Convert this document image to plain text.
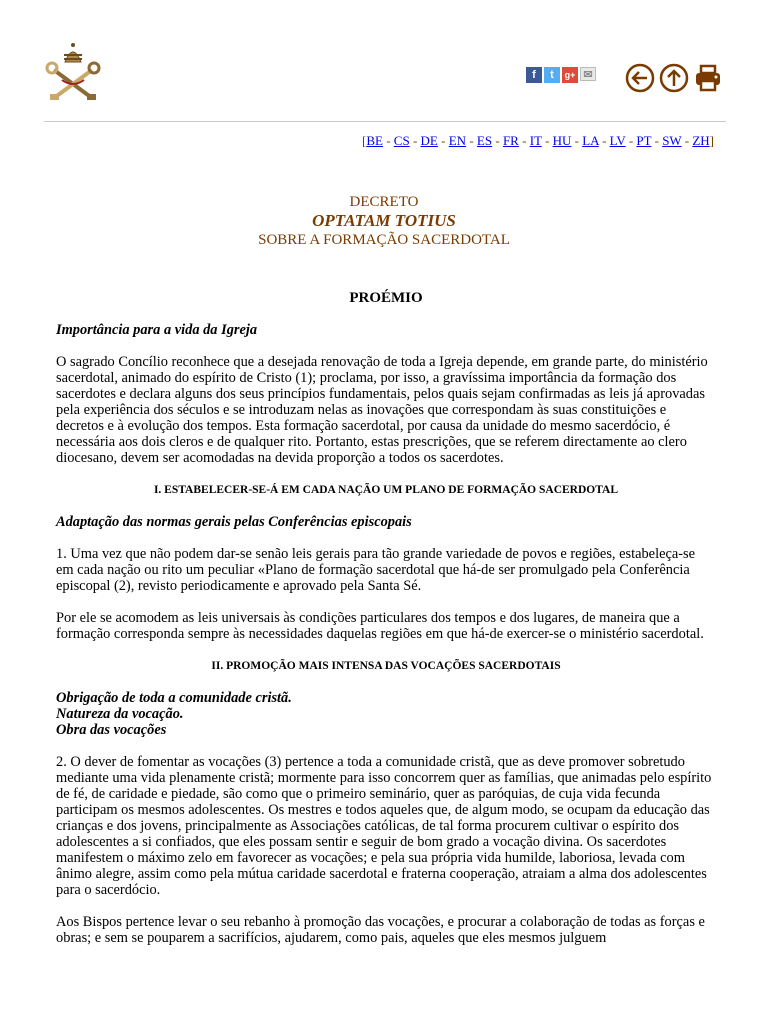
f	t	g+ ✉
[BE - CS - DE - EN - ES - FR - IT - HU - LA - LV - PT - SW - ZH]
DECRETO
OPTATAM TOTIUS
SOBRE A FORMAÇÃO SACERDOTAL
PROÉMIO

Importância para a vida da Igreja

O sagrado Concílio reconhece que a desejada renovação de toda a Igreja depende, em grande parte, do ministério sacerdotal, animado do espírito de Cristo (1); proclama, por isso, a gravíssima importância da formação dos sacerdotes e declara alguns dos seus princípios fundamentais, pelos quais sejam confirmadas as leis já aprovadas pela experiência dos séculos e se introduzam nelas as inovações que correspondam às suas constituições e decretos e à evolução dos tempos. Esta formação sacerdotal, por causa da unidade do mesmo sacerdócio, é necessária aos dois cleros e de qualquer rito. Portanto, estas prescrições, que se referem directamente ao clero diocesano, devem ser acomodadas na devida proporção a todos os sacerdotes.

I. ESTABELECER-SE-Á EM CADA NAÇÃO UM PLANO DE FORMAÇÃO SACERDOTAL

Adaptação das normas gerais pelas Conferências episcopais

1. Uma vez que não podem dar-se senão leis gerais para tão grande variedade de povos e regiões, estabeleça-se em cada nação ou rito um peculiar «Plano de formação sacerdotal que há-de ser promulgado pela Conferência episcopal (2), revisto periodicamente e aprovado pela Santa Sé.

Por ele se acomodem as leis universais às condições particulares dos tempos e dos lugares, de maneira que a formação corresponda sempre às necessidades daquelas regiões em que há-de exercer-se o ministério sacerdotal.

II. PROMOÇÃO MAIS INTENSA DAS VOCAÇÕES SACERDOTAIS

Obrigação de toda a comunidade cristã.
Natureza da vocação.
Obra das vocações

2. O dever de fomentar as vocações (3) pertence a toda a comunidade cristã, que as deve promover sobretudo mediante uma vida plenamente cristã; mormente para isso concorrem quer as famílias, que animadas pelo espírito de fé, de caridade e piedade, são como que o primeiro seminário, quer as paróquias, de cuja vida fecunda participam os mesmos adolescentes. Os mestres e todos aqueles que, de algum modo, se ocupam da educação das crianças e dos jovens, principalmente as Associações católicas, de tal forma procurem cultivar o espírito dos adolescentes a si confiados, que eles possam sentir e seguir de bom grado a vocação divina. Os sacerdotes manifestem o máximo zelo em favorecer as vocações; e pela sua própria vida humilde, laboriosa, levada com ânimo alegre, assim como pela mútua caridade sacerdotal e fraterna cooperação, atraiam a alma dos adolescentes para o sacerdócio.

Aos Bispos pertence levar o seu rebanho à promoção das vocações, e procurar a colaboração de todas as forças e obras; e sem se pouparem a sacrifícios, ajudarem, como pais, aqueles que eles mesmos julguem
